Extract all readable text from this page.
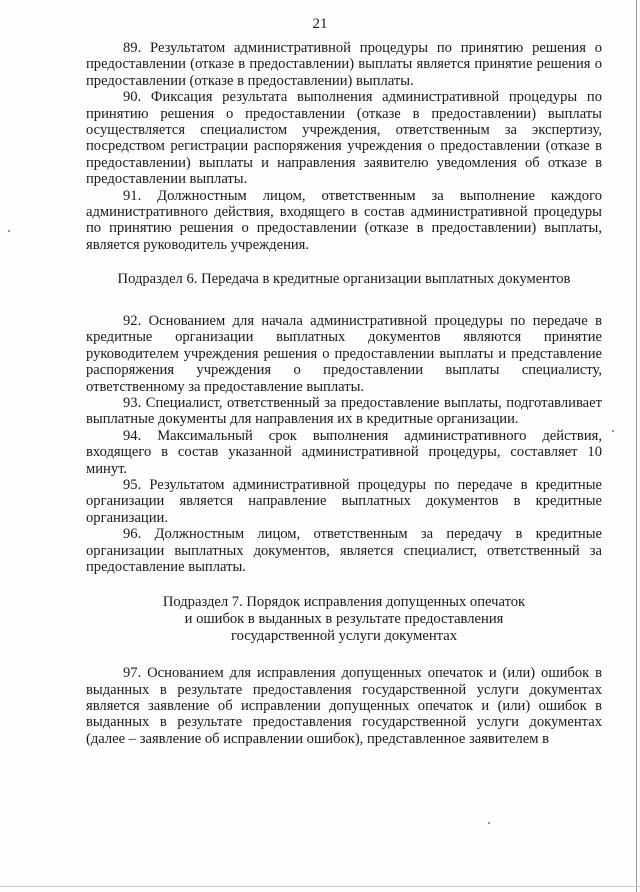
21

89. Результатом административной процедуры по принятию решения о предоставлении (отказе в предоставлении) выплаты является принятие решения о предоставлении (отказе в предоставлении) выплаты.

90. Фиксация результата выполнения административной процедуры по принятию решения о предоставлении (отказе в предоставлении) выплаты осуществляется специалистом учреждения, ответственным за экспертизу, посредством регистрации распоряжения учреждения о предоставлении (отказе в предоставлении) выплаты и направления заявителю уведомления об отказе в предоставлении выплаты.

91. Должностным лицом, ответственным за выполнение каждого административного действия, входящего в состав административной процедуры по принятию решения о предоставлении (отказе в предоставлении) выплаты, является руководитель учреждения.

Подраздел 6. Передача в кредитные организации выплатных документов

92. Основанием для начала административной процедуры по передаче в кредитные организации выплатных документов являются принятие руководителем учреждения решения о предоставлении выплаты и представление распоряжения учреждения о предоставлении выплаты специалисту, ответственному за предоставление выплаты.

93. Специалист, ответственный за предоставление выплаты, подготавливает выплатные документы для направления их в кредитные организации.

94. Максимальный срок выполнения административного действия, входящего в состав указанной административной процедуры, составляет 10 минут.

95. Результатом административной процедуры по передаче в кредитные организации является направление выплатных документов в кредитные организации.

96. Должностным лицом, ответственным за передачу в кредитные организации выплатных документов, является специалист, ответственный за предоставление выплаты.

Подраздел 7. Порядок исправления допущенных опечаток
и ошибок в выданных в результате предоставления
государственной услуги документах

97. Основанием для исправления допущенных опечаток и (или) ошибок в выданных в результате предоставления государственной услуги документах является заявление об исправлении допущенных опечаток и (или) ошибок в выданных в результате предоставления государственной услуги документах (далее – заявление об исправлении ошибок), представленное заявителем в
